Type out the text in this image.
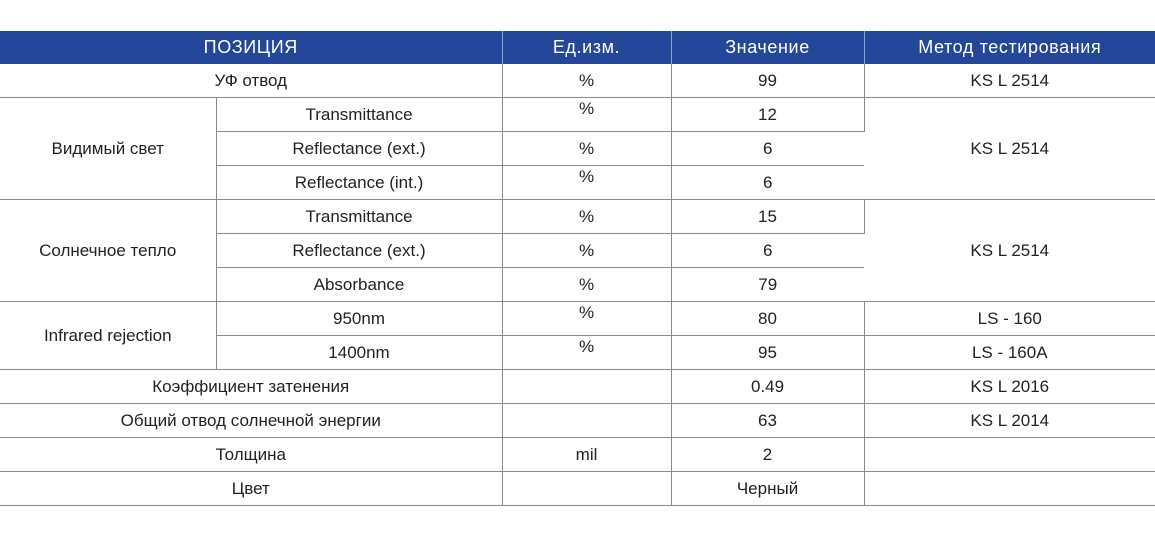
ПОЗИЦИЯ		Ед.изм.	Значение	Метод тестирования
УФ отвод		%	99	KS L 2514
Видимый свет	Transmittance	%	12	KS L 2514
	Reflectance (ext.)	%	6	
	Reflectance (int.)	%	6	
Солнечное тепло	Transmittance	%	15	KS L 2514
	Reflectance (ext.)	%	6	
	Absorbance	%	79	
Infrared rejection	950nm	%	80	LS - 160
	1400nm	%	95	LS - 160A
Коэффициент затенения			0.49	KS L 2016
Общий отвод солнечной энергии			63	KS L 2014
Толщина		mil	2	
Цвет			Черный	
